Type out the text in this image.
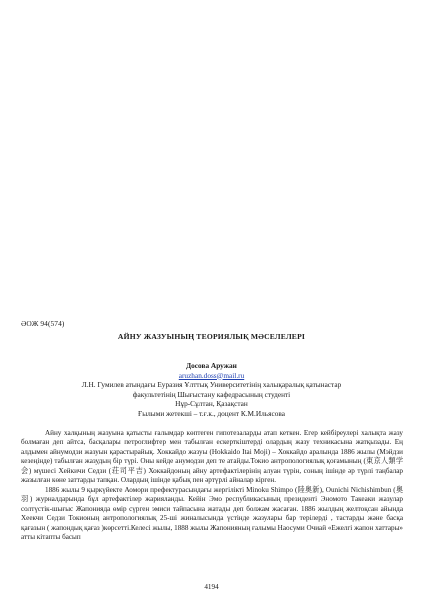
ӘОЖ 94(574)
АЙНУ ЖАЗУЫНЫҢ ТЕОРИЯЛЫҚ МӘСЕЛЕЛЕРІ
Досова Аружан
aruzhan.doss@mail.ru
Л.Н. Гумилев атындағы Еуразия Ұлттық Университетінің халықаралық қатынастар
факультетінің Шығыстану кафедрасының студенті
Нұр-Сұлтан, Қазақстан
Ғылыми жетекші – т.ғ.к., доцент К.М.Ильясова

Айну халқының жазуына қатысты ғалымдар көптеген гипотезаларды атап кеткен. Егер кейбіреулері халықта жазу болмаған деп айтса, басқалары петроглифтер мен табылған ескерткіштерді олардың жазу техникасына жатқызады. Ең алдымен айнумодзи жазуын қарастырайық. Хоккайдо жазуы (Hokkaido Itai Moji) – Хоккайдо аралында 1886 жылы (Мэйдзи кезеңінде) табылған жазудың бір түрі. Оны кейде анумодзи деп те атайды.Токио антропологиялық қоғамының (東京人類学会) мүшесі Хейкичи Седзи (荘司平吉) Хоккайдоның айну артефактілерінің алуан түрін, соның ішінде әр түрлі таңбалар жазылған көне заттарды тапқан. Олардың ішінде қабық пен әртүрлі айналар кірген.

1886 жылы 9 қыркүйекте Аомори префектурасындағы жергілікті Minoku Shimpo (陸奥新), Ounichi Nichishimbun (奥羽) журналдарында бұл артефактілер жарияланды. Кейін Эмо республикасының президенті Эномото Такеаки жазулар солтүстік-шығыс Жапонияда өмір сүрген эмиси тайпасына жатады деп болжам жасаған. 1886 жылдың желтоқсан айында Хеекчи Седзи Токионың антропологиялық 25-ші жиналысында үстінде жазулары бар терілерді , тастарды және басқа қағазын ( жапондық қағаз )көрсетті.Келесі жылы, 1888 жылы Жапонияның ғалымы Наосуми Очиай «Ежелгі жапон хаттары» атты кітапты басып

4194
